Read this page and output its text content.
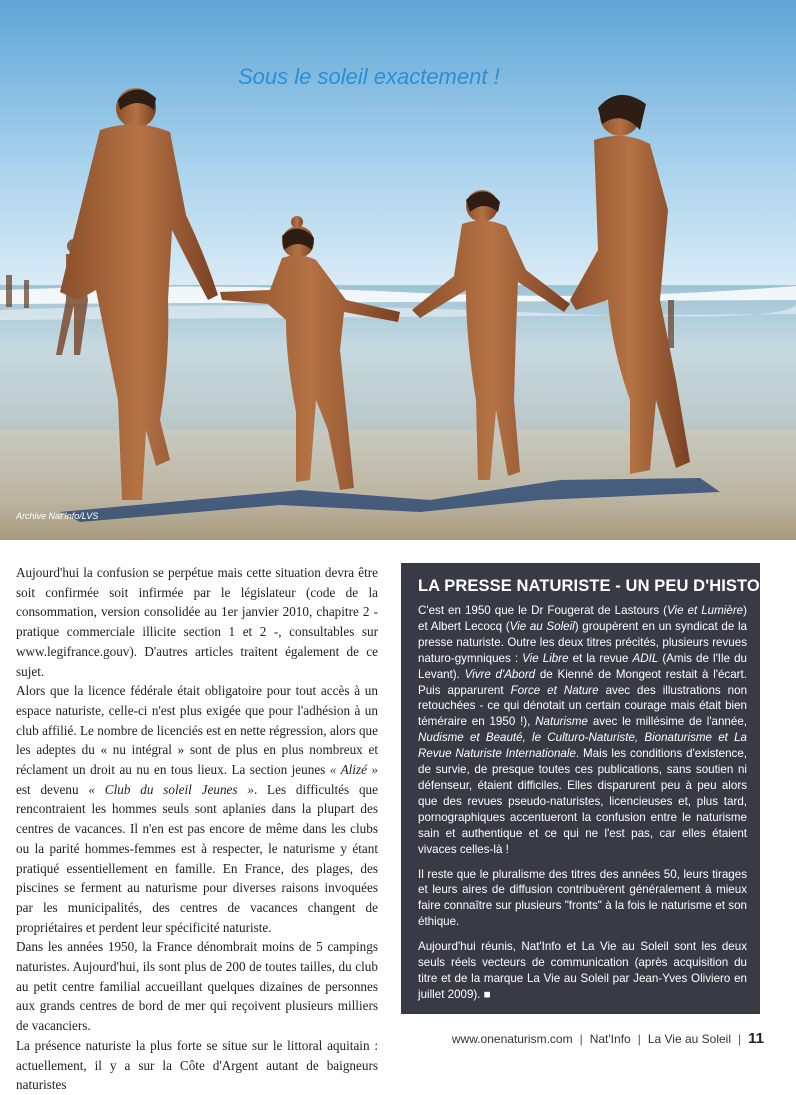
Sous le soleil exactement !
Archive Nat'Info/LVS

Aujourd'hui la confusion se perpétue mais cette situation devra être soit confirmée soit infirmée par le législateur (code de la consommation, version consolidée au 1er janvier 2010, chapitre 2 - pratique commerciale illicite section 1 et 2 -, consultables sur www.legifrance.gouv). D'autres articles traitent également de ce sujet.

Alors que la licence fédérale était obligatoire pour tout accès à un espace naturiste, celle-ci n'est plus exigée que pour l'adhésion à un club affilié. Le nombre de licenciés est en nette régression, alors que les adeptes du « nu intégral » sont de plus en plus nombreux et réclament un droit au nu en tous lieux. La section jeunes « Alizé » est devenu « Club du soleil Jeunes ». Les difficultés que rencontraient les hommes seuls sont aplanies dans la plupart des centres de vacances. Il n'en est pas encore de même dans les clubs ou la parité hommes-femmes est à respecter, le naturisme y étant pratiqué essentiellement en famille. En France, des plages, des piscines se ferment au naturisme pour diverses raisons invoquées par les municipalités, des centres de vacances changent de propriétaires et perdent leur spécificité naturiste.

Dans les années 1950, la France dénombrait moins de 5 campings naturistes. Aujourd'hui, ils sont plus de 200 de toutes tailles, du club au petit centre familial accueillant quelques dizaines de personnes aux grands centres de bord de mer qui reçoivent plusieurs milliers de vacanciers.

La présence naturiste la plus forte se situe sur le littoral aquitain : actuellement, il y a sur la Côte d'Argent autant de baigneurs naturistes

LA PRESSE NATURISTE - UN PEU D'HISTOIRE

C'est en 1950 que le Dr Fougerat de Lastours (Vie et Lumière) et Albert Lecocq (Vie au Soleil) groupèrent en un syndicat de la presse naturiste. Outre les deux titres précités, plusieurs revues naturo-gymniques : Vie Libre et la revue ADIL (Amis de l'Ile du Levant). Vivre d'Abord de Kienné de Mongeot restait à l'écart. Puis apparurent Force et Nature avec des illustrations non retouchées - ce qui dénotait un certain courage mais était bien téméraire en 1950 !), Naturisme avec le millésime de l'année, Nudisme et Beauté, le Culturo-Naturiste, Bionaturisme et La Revue Naturiste Internationale. Mais les conditions d'existence, de survie, de presque toutes ces publications, sans soutien ni défenseur, étaient difficiles. Elles disparurent peu à peu alors que des revues pseudo-naturistes, licencieuses et, plus tard, pornographiques accentueront la confusion entre le naturisme sain et authentique et ce qui ne l'est pas, car elles étaient vivaces celles-là !

Il reste que le pluralisme des titres des années 50, leurs tirages et leurs aires de diffusion contribuèrent généralement à mieux faire connaître sur plusieurs "fronts" à la fois le naturisme et son éthique.

Aujourd'hui réunis, Nat'Info et La Vie au Soleil sont les deux seuls réels vecteurs de communication (après acquisition du titre et de la marque La Vie au Soleil par Jean-Yves Oliviero en juillet 2009). ■

www.onenaturism.com | Nat'Info | La Vie au Soleil | 11
